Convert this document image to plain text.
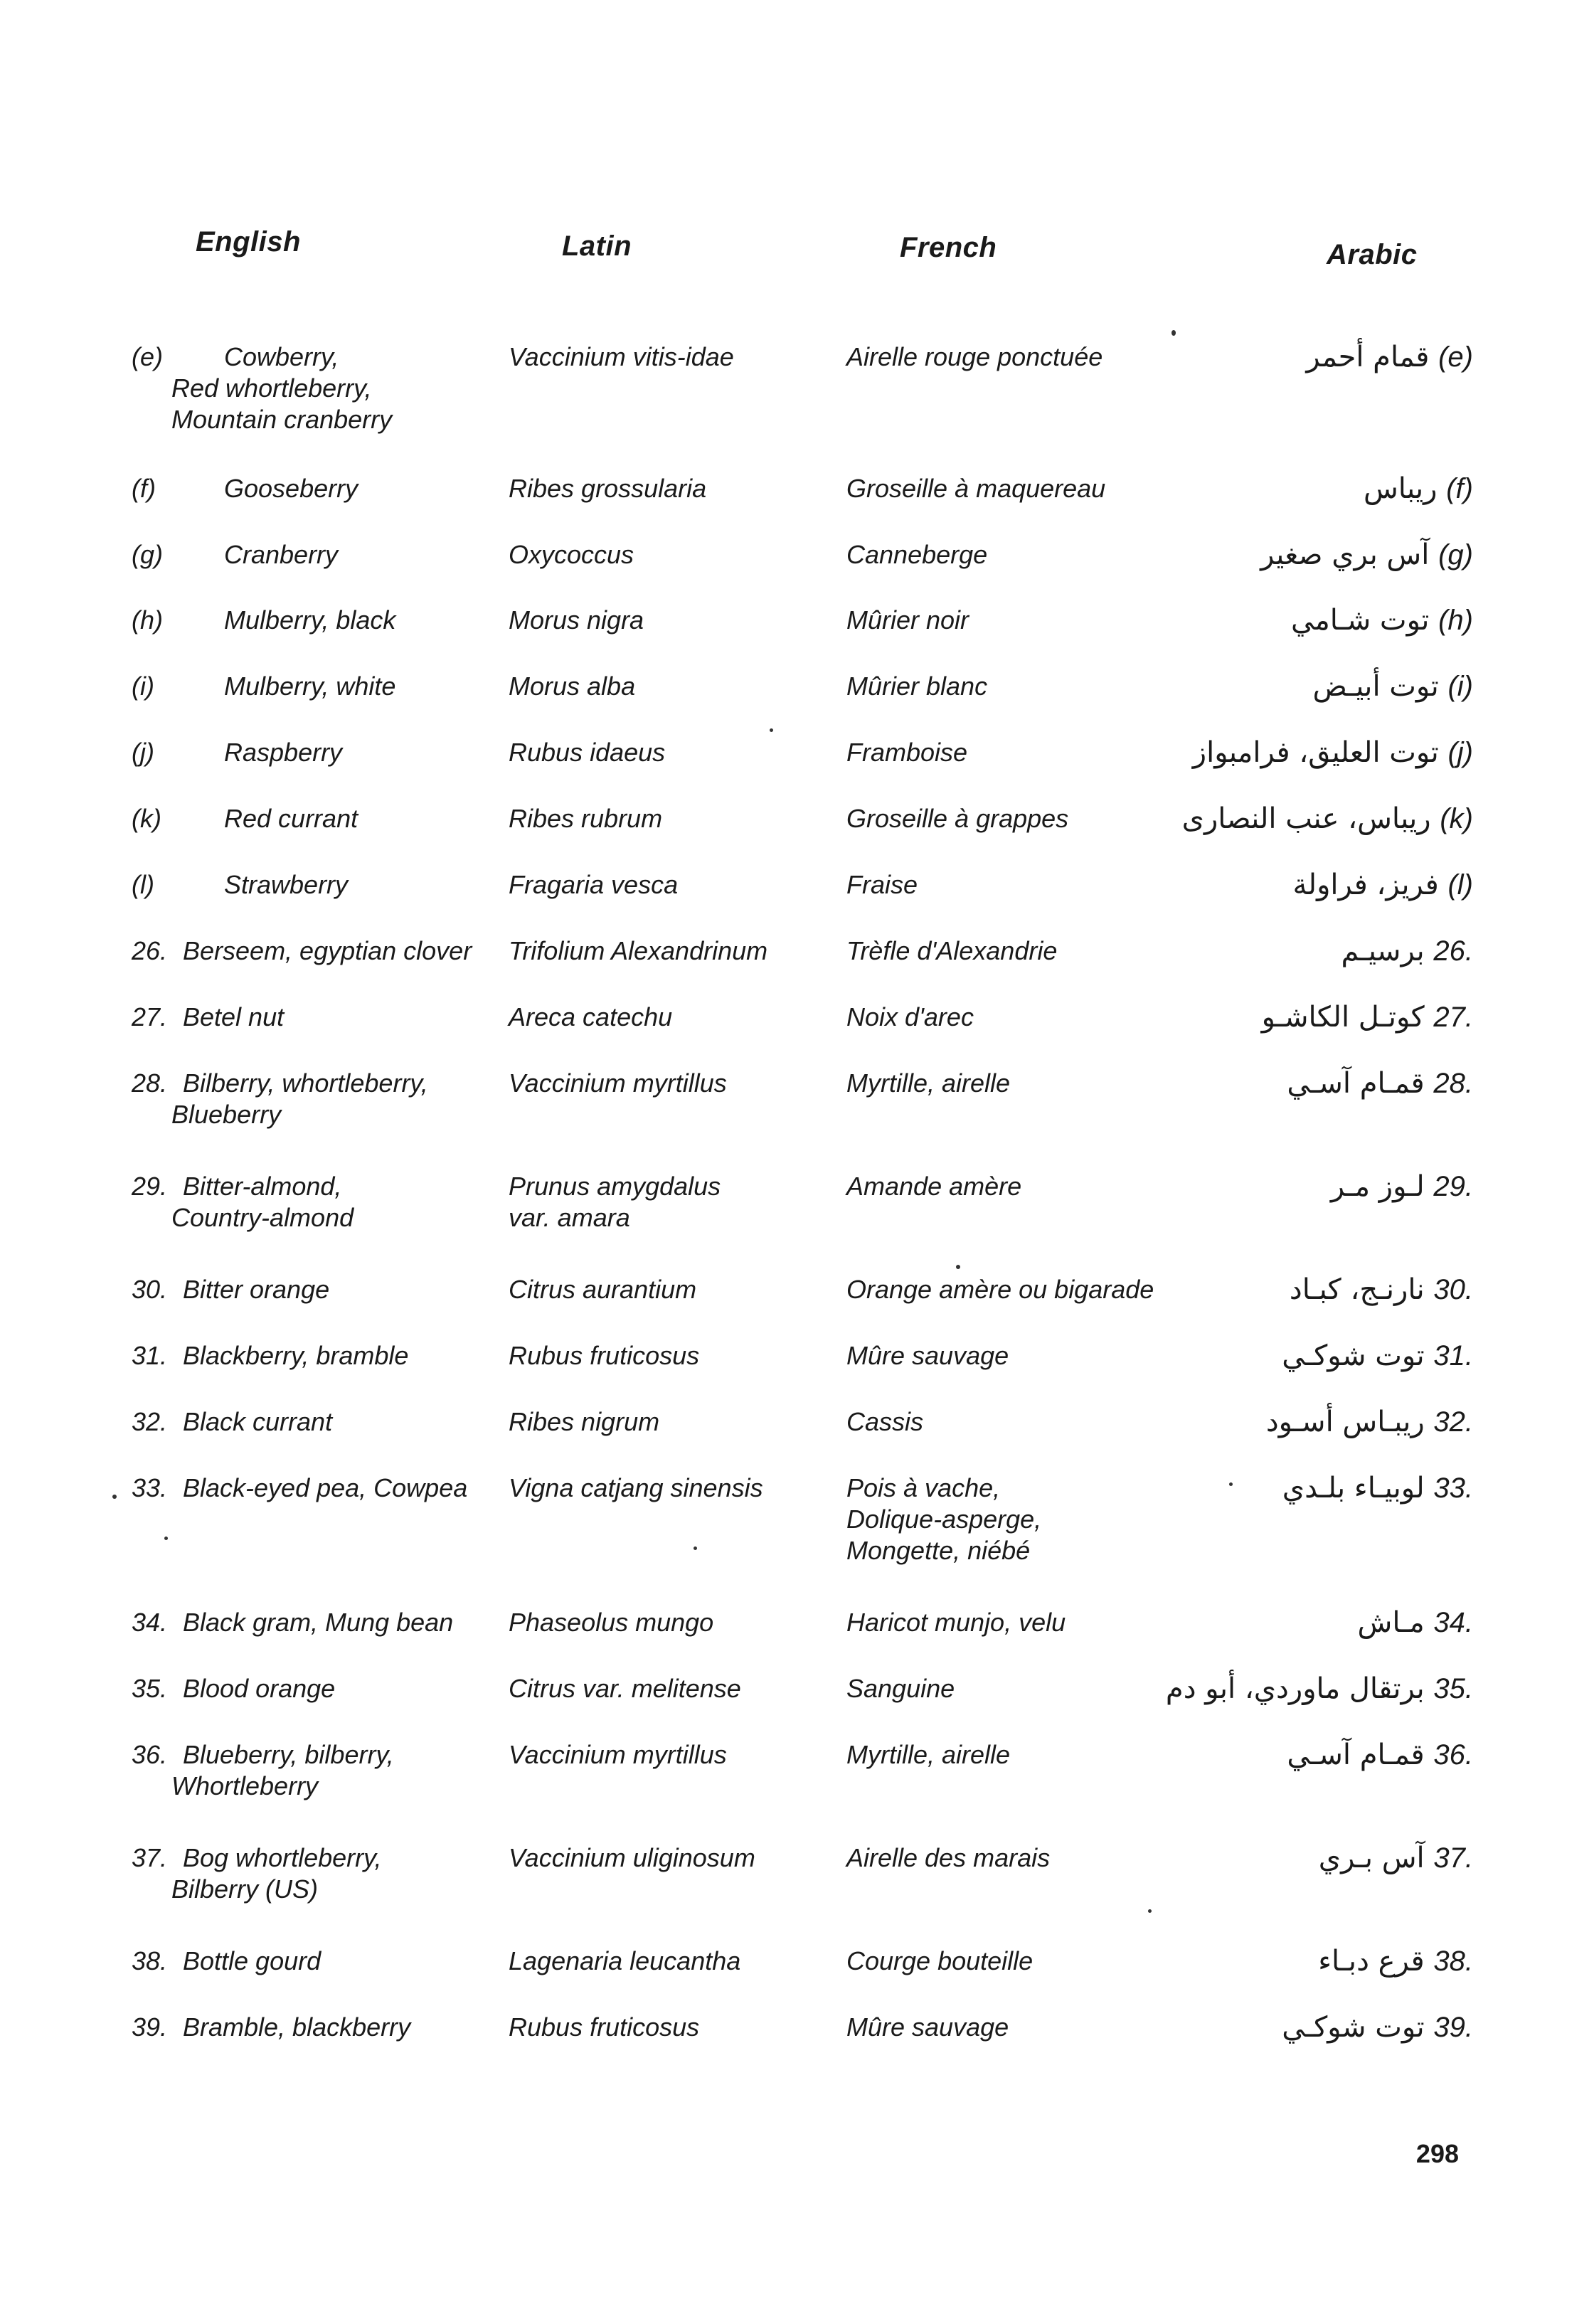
English	Latin	French	Arabic
(e) Cowberry,
Red whortleberry,
Mountain cranberry
Vaccinium vitis-idae	Airelle rouge ponctuée	(e) قمام أحمر
(f)	Gooseberry	Ribes grossularia	Groseille à maquereau	(f) ريباس
(g) Cranberry	Oxycoccus	Canneberge	(g) آس بري صغير
(h) Mulberry, black	Morus nigra	Mûrier noir	(h) توت شـامي
(i)	Mulberry, white	Morus alba	Mûrier blanc	(i) توت أبيـض
(j)	Raspberry	Rubus idaeus	Framboise	(j) توت العليق، فرامبواز
(k) Red currant	Ribes rubrum	Groseille à grappes	(k) ريباس، عنب النصارى
(l)	Strawberry	Fragaria vesca	Fraise	(l) فريز، فراولة
26. Berseem, egyptian clover	Trifolium Alexandrinum	Trèfle d'Alexandrie	.26 برسيـم
27. Betel nut	Areca catechu	Noix d'arec	.27 كوتـل الكاشـو
28. Bilberry, whortleberry,
Blueberry
Vaccinium myrtillus	Myrtille, airelle	.28 قمـام آسـي
29. Bitter-almond,
Country-almond
Prunus amygdalus
var. amara
Amande amère	.29 لـوز مـر
30. Bitter orange	Citrus aurantium	Orange amère ou bigarade	.30 نارنـج، كبـاد
31. Blackberry, bramble	Rubus fruticosus	Mûre sauvage	.31 توت شوكـي
32. Black currant	Ribes nigrum	Cassis	.32 ريبـاس أسـود
33. Black-eyed pea, Cowpea	Vigna catjang sinensis	Pois à vache,
Dolique-asperge,
Mongette, niébé
.33 لوبيـاء بلـدي
34. Black gram, Mung bean	Phaseolus mungo	Haricot munjo, velu	.34 مـاش
35. Blood orange	Citrus var. melitense	Sanguine	.35 برتقال ماوردي، أبو دم
36. Blueberry, bilberry,
Whortleberry
Vaccinium myrtillus	Myrtille, airelle	.36 قمـام آسـي
37. Bog whortleberry,
Bilberry (US)
Vaccinium uliginosum	Airelle des marais	.37 آس بـري
38. Bottle gourd	Lagenaria leucantha	Courge bouteille	.38 قرع دبـاء
39. Bramble, blackberry	Rubus fruticosus	Mûre sauvage	.39 توت شوكـي
298
